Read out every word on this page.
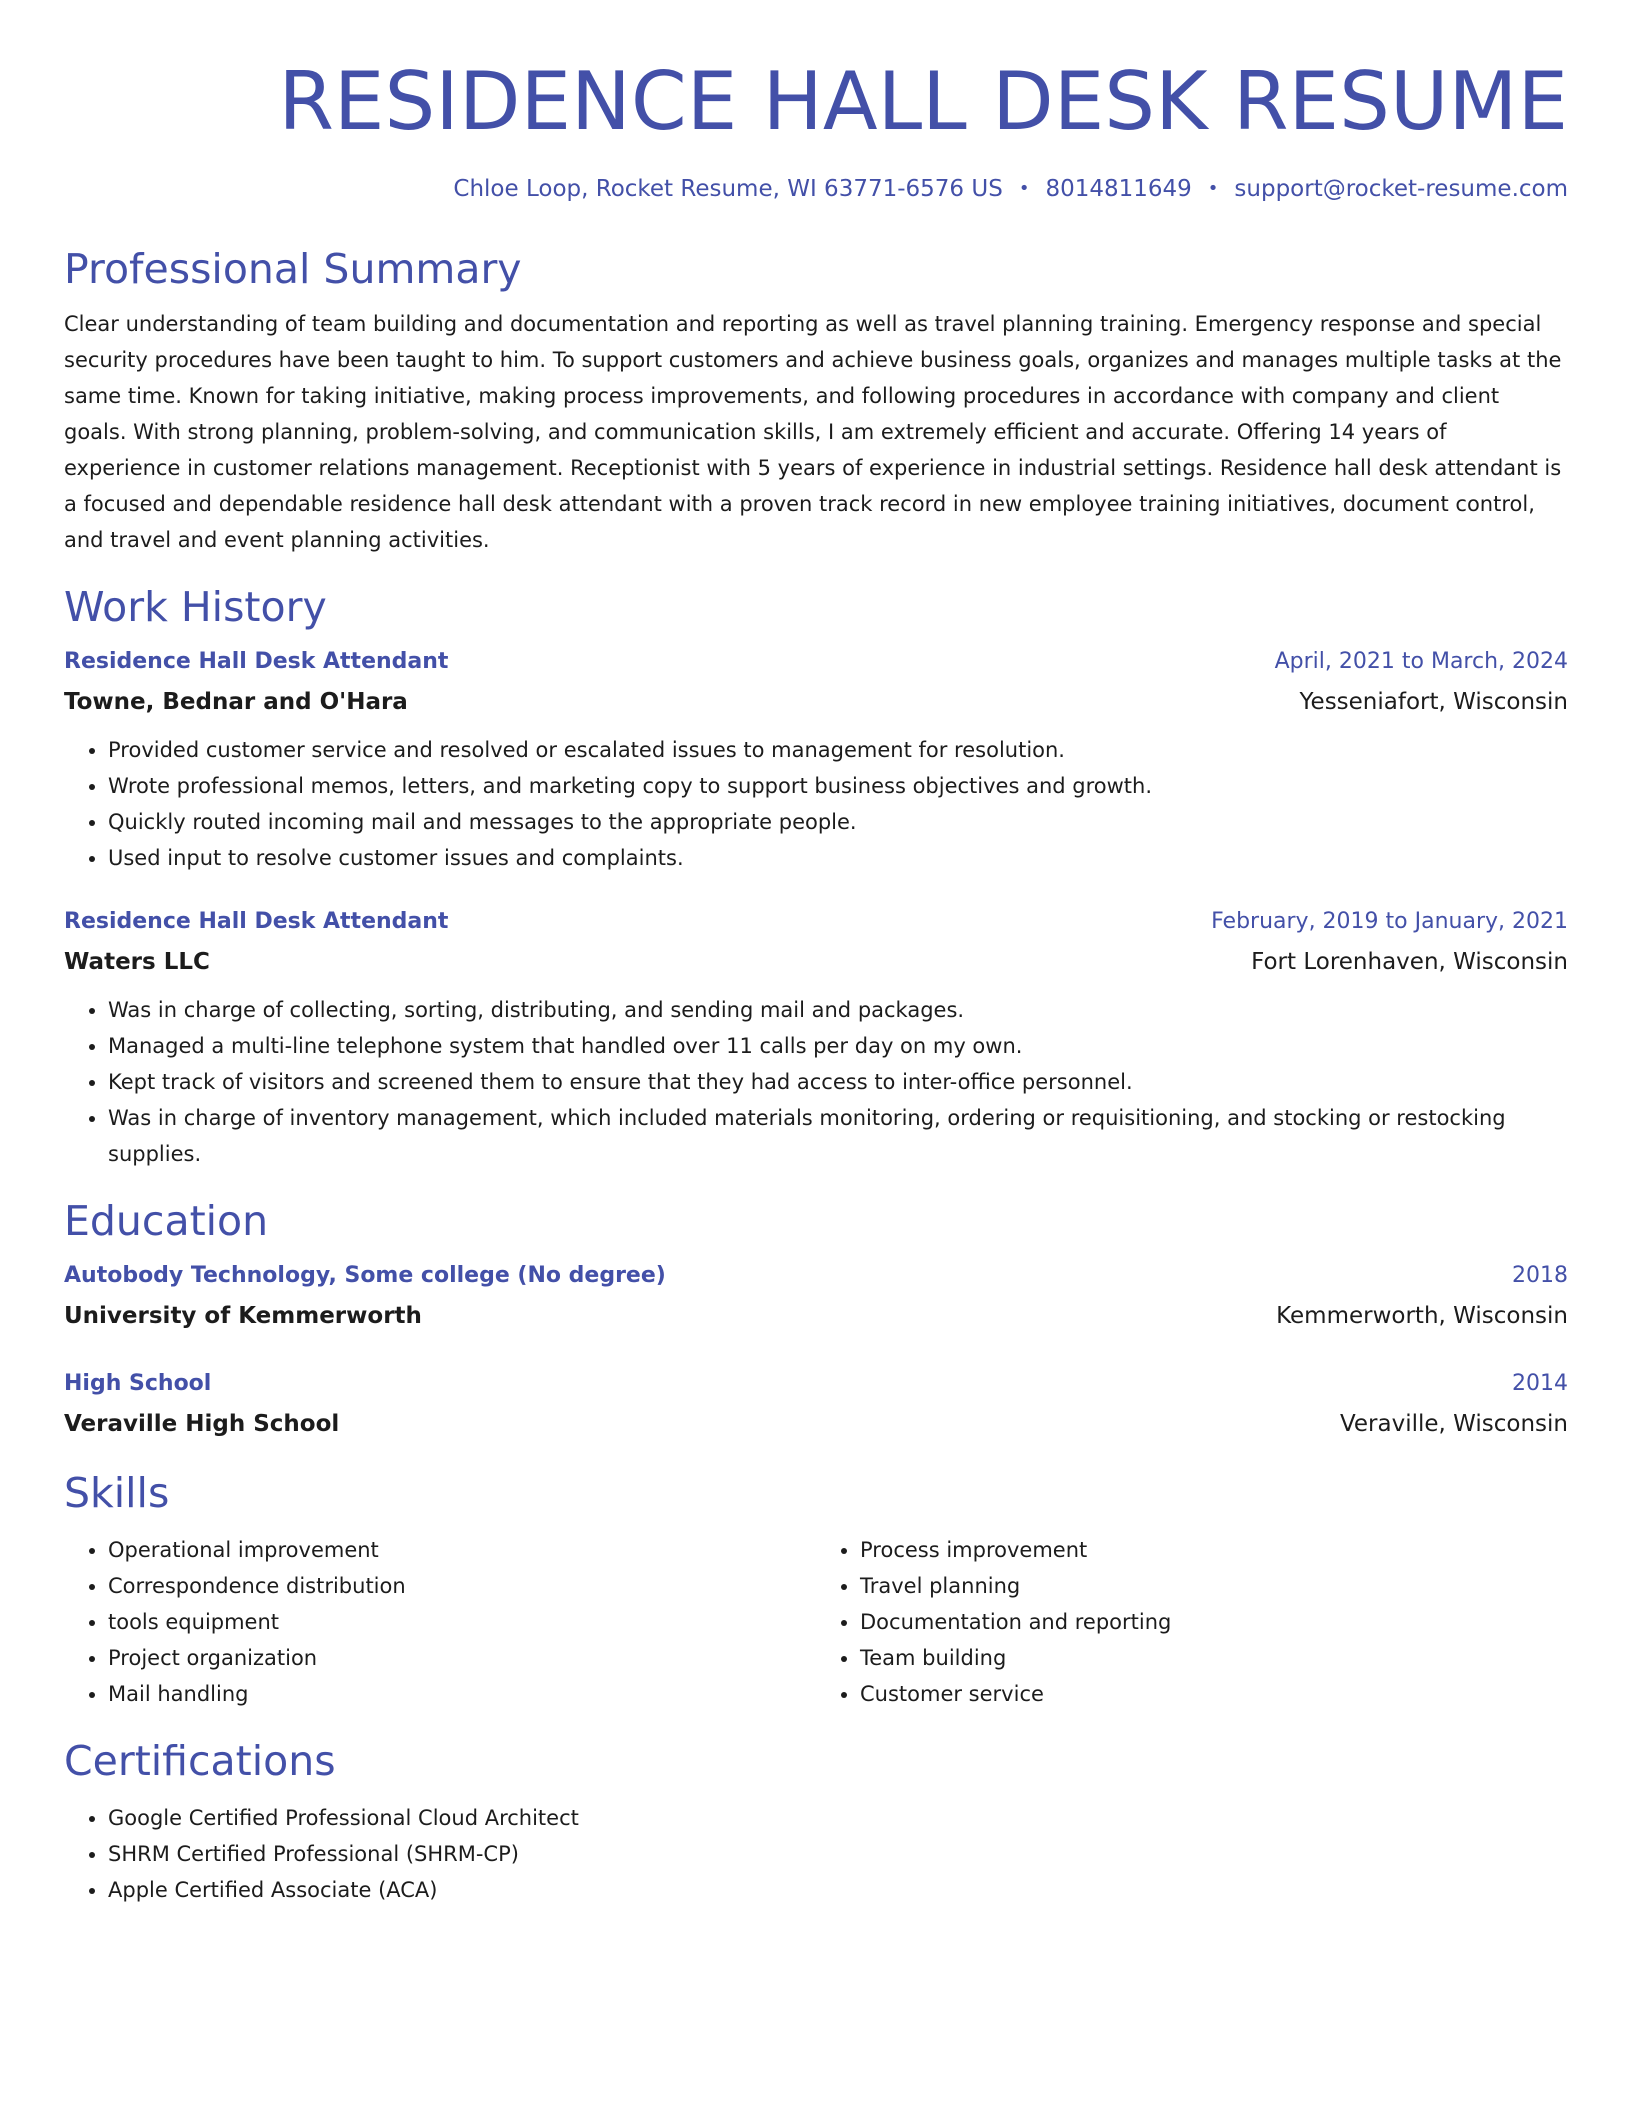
RESIDENCE HALL DESK RESUME
Chloe Loop, Rocket Resume, WI 63771-6576 US • 8014811649 • support@rocket-resume.com
Professional Summary

Clear understanding of team building and documentation and reporting as well as travel planning training. Emergency response and special security procedures have been taught to him. To support customers and achieve business goals, organizes and manages multiple tasks at the same time. Known for taking initiative, making process improvements, and following procedures in accordance with company and client goals. With strong planning, problem-solving, and communication skills, I am extremely efficient and accurate. Offering 14 years of experience in customer relations management. Receptionist with 5 years of experience in industrial settings. Residence hall desk attendant is a focused and dependable residence hall desk attendant with a proven track record in new employee training initiatives, document control, and travel and event planning activities.

Work History
Residence Hall Desk Attendant	April, 2021 to March, 2024
Towne, Bednar and O'Hara	Yesseniafort, Wisconsin
• Provided customer service and resolved or escalated issues to management for resolution.
• Wrote professional memos, letters, and marketing copy to support business objectives and growth.
• Quickly routed incoming mail and messages to the appropriate people.
• Used input to resolve customer issues and complaints.
Residence Hall Desk Attendant	February, 2019 to January, 2021
Waters LLC	Fort Lorenhaven, Wisconsin
• Was in charge of collecting, sorting, distributing, and sending mail and packages.
• Managed a multi-line telephone system that handled over 11 calls per day on my own.
• Kept track of visitors and screened them to ensure that they had access to inter-office personnel.
• Was in charge of inventory management, which included materials monitoring, ordering or requisitioning, and stocking or restocking supplies.
Education
Autobody Technology, Some college (No degree)	2018
University of Kemmerworth	Kemmerworth, Wisconsin
High School	2014
Veraville High School	Veraville, Wisconsin
Skills
• Operational improvement
• Correspondence distribution
• tools equipment
• Project organization
• Mail handling
• Process improvement
• Travel planning
• Documentation and reporting
• Team building
• Customer service
Certifications
• Google Certified Professional Cloud Architect
• SHRM Certified Professional (SHRM-CP)
• Apple Certified Associate (ACA)
